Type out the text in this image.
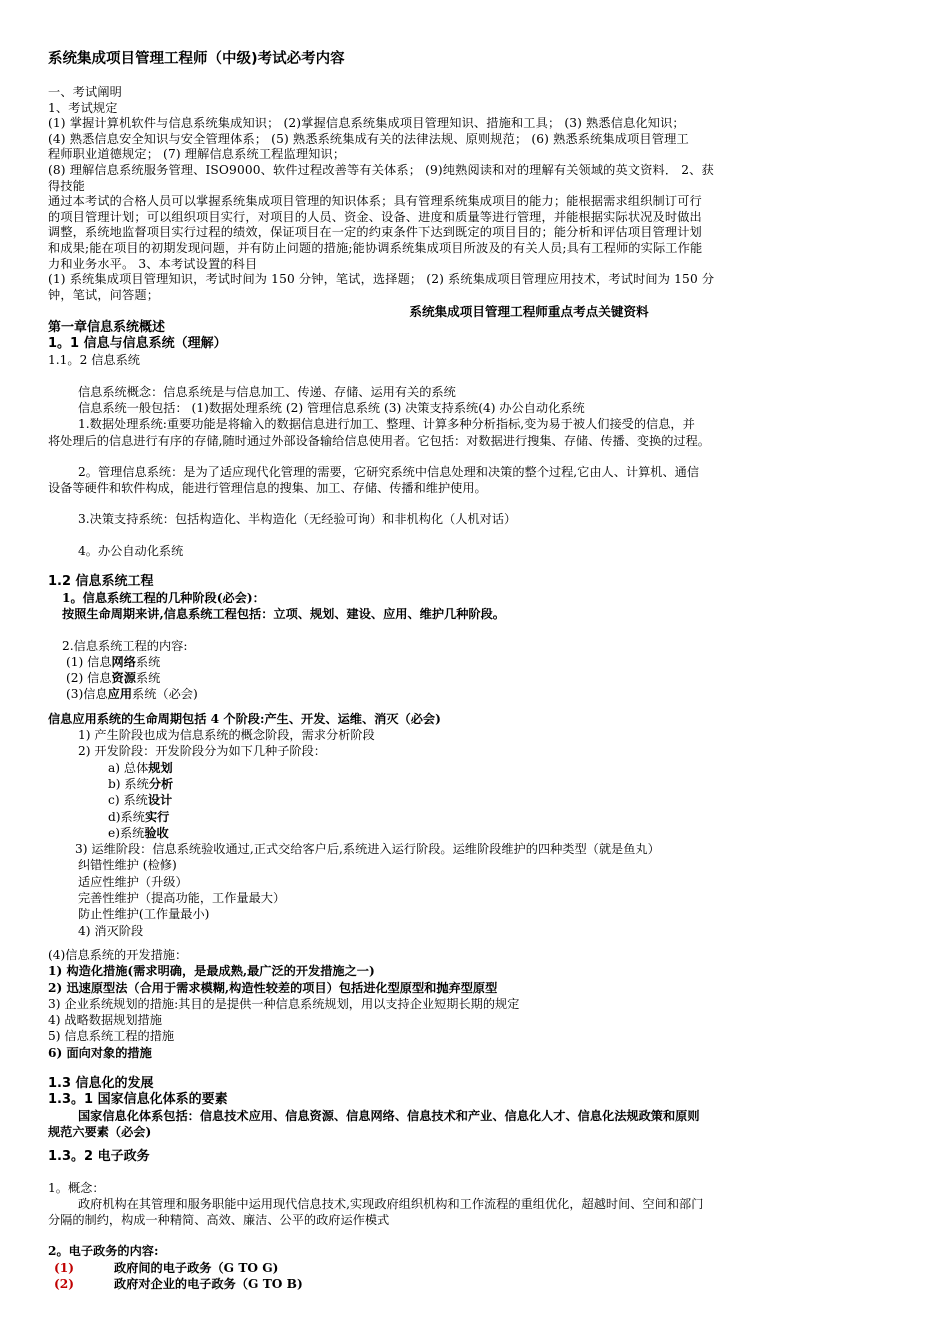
系统集成项目管理工程师（中级)考试必考内容

一、考试阐明

1、考试规定

(1) 掌握计算机软件与信息系统集成知识； (2)掌握信息系统集成项目管理知识、措施和工具； (3) 熟悉信息化知识；

(4) 熟悉信息安全知识与安全管理体系； (5) 熟悉系统集成有关的法律法规、原则规范； (6) 熟悉系统集成项目管理工

程师职业道德规定； (7) 理解信息系统工程监理知识；

(8) 理解信息系统服务管理、ISO9000、软件过程改善等有关体系； (9)纯熟阅读和对的理解有关领域的英文资料． 2、获

得技能

通过本考试的合格人员可以掌握系统集成项目管理的知识体系；具有管理系统集成项目的能力；能根据需求组织制订可行

的项目管理计划；可以组织项目实行，对项目的人员、资金、设备、进度和质量等进行管理，并能根据实际状况及时做出

调整，系统地监督项目实行过程的绩效，保证项目在一定的约束条件下达到既定的项目目的；能分析和评估项目管理计划

和成果;能在项目的初期发现问题，并有防止问题的措施;能协调系统集成项目所波及的有关人员;具有工程师的实际工作能

力和业务水平。 3、本考试设置的科目

(1) 系统集成项目管理知识，考试时间为 150 分钟，笔试，选择题； (2) 系统集成项目管理应用技术，考试时间为 150 分

钟，笔试，问答题；

系统集成项目管理工程师重点考点关键资料
第一章信息系统概述
1。1 信息与信息系统（理解）
1.1。2 信息系统
信息系统概念：信息系统是与信息加工、传递、存储、运用有关的系统
信息系统一般包括： (1)数据处理系统 (2) 管理信息系统 (3) 决策支持系统(4) 办公自动化系统
1.数据处理系统:重要功能是将输入的数据信息进行加工、整理、计算多种分析指标,变为易于被人们接受的信息，并
将处理后的信息进行有序的存储,随时通过外部设备输给信息使用者。它包括：对数据进行搜集、存储、传播、变换的过程。
2。管理信息系统：是为了适应现代化管理的需要，它研究系统中信息处理和决策的整个过程,它由人、计算机、通信
设备等硬件和软件构成，能进行管理信息的搜集、加工、存储、传播和维护使用。
3.决策支持系统：包括构造化、半构造化（无经验可询）和非机构化（人机对话）
4。办公自动化系统
1.2 信息系统工程
1。信息系统工程的几种阶段(必会)：
按照生命周期来讲,信息系统工程包括：立项、规划、建设、应用、维护几种阶段。
2.信息系统工程的内容:
(1) 信息网络系统
(2) 信息资源系统
(3)信息应用系统（必会)
信息应用系统的生命周期包括 4 个阶段:产生、开发、运维、消灭（必会)
1) 产生阶段也成为信息系统的概念阶段，需求分析阶段
2) 开发阶段：开发阶段分为如下几种子阶段：
a) 总体规划
b) 系统分析
c) 系统设计
d)系统实行
e)系统验收
3) 运维阶段：信息系统验收通过,正式交给客户后,系统进入运行阶段。运维阶段维护的四种类型（就是鱼丸）
纠错性维护 (检修)
适应性维护（升级）
完善性维护（提高功能，工作量最大）
防止性维护(工作量最小)
4) 消灭阶段
(4)信息系统的开发措施：
1) 构造化措施(需求明确，是最成熟,最广泛的开发措施之一)
2) 迅速原型法（合用于需求模糊,构造性较差的项目）包括进化型原型和抛弃型原型
3) 企业系统规划的措施:其目的是提供一种信息系统规划，用以支持企业短期长期的规定
4) 战略数据规划措施
5) 信息系统工程的措施
6) 面向对象的措施
1.3 信息化的发展
1.3。1 国家信息化体系的要素
国家信息化体系包括：信息技术应用、信息资源、信息网络、信息技术和产业、信息化人才、信息化法规政策和原则
规范六要素（必会)
1.3。2 电子政务
1。概念：
政府机构在其管理和服务职能中运用现代信息技术,实现政府组织机构和工作流程的重组优化，超越时间、空间和部门
分隔的制约，构成一种精简、高效、廉洁、公平的政府运作模式
2。电子政务的内容:
(1)	政府间的电子政务（G TO G)
(2)	政府对企业的电子政务（G TO B)
